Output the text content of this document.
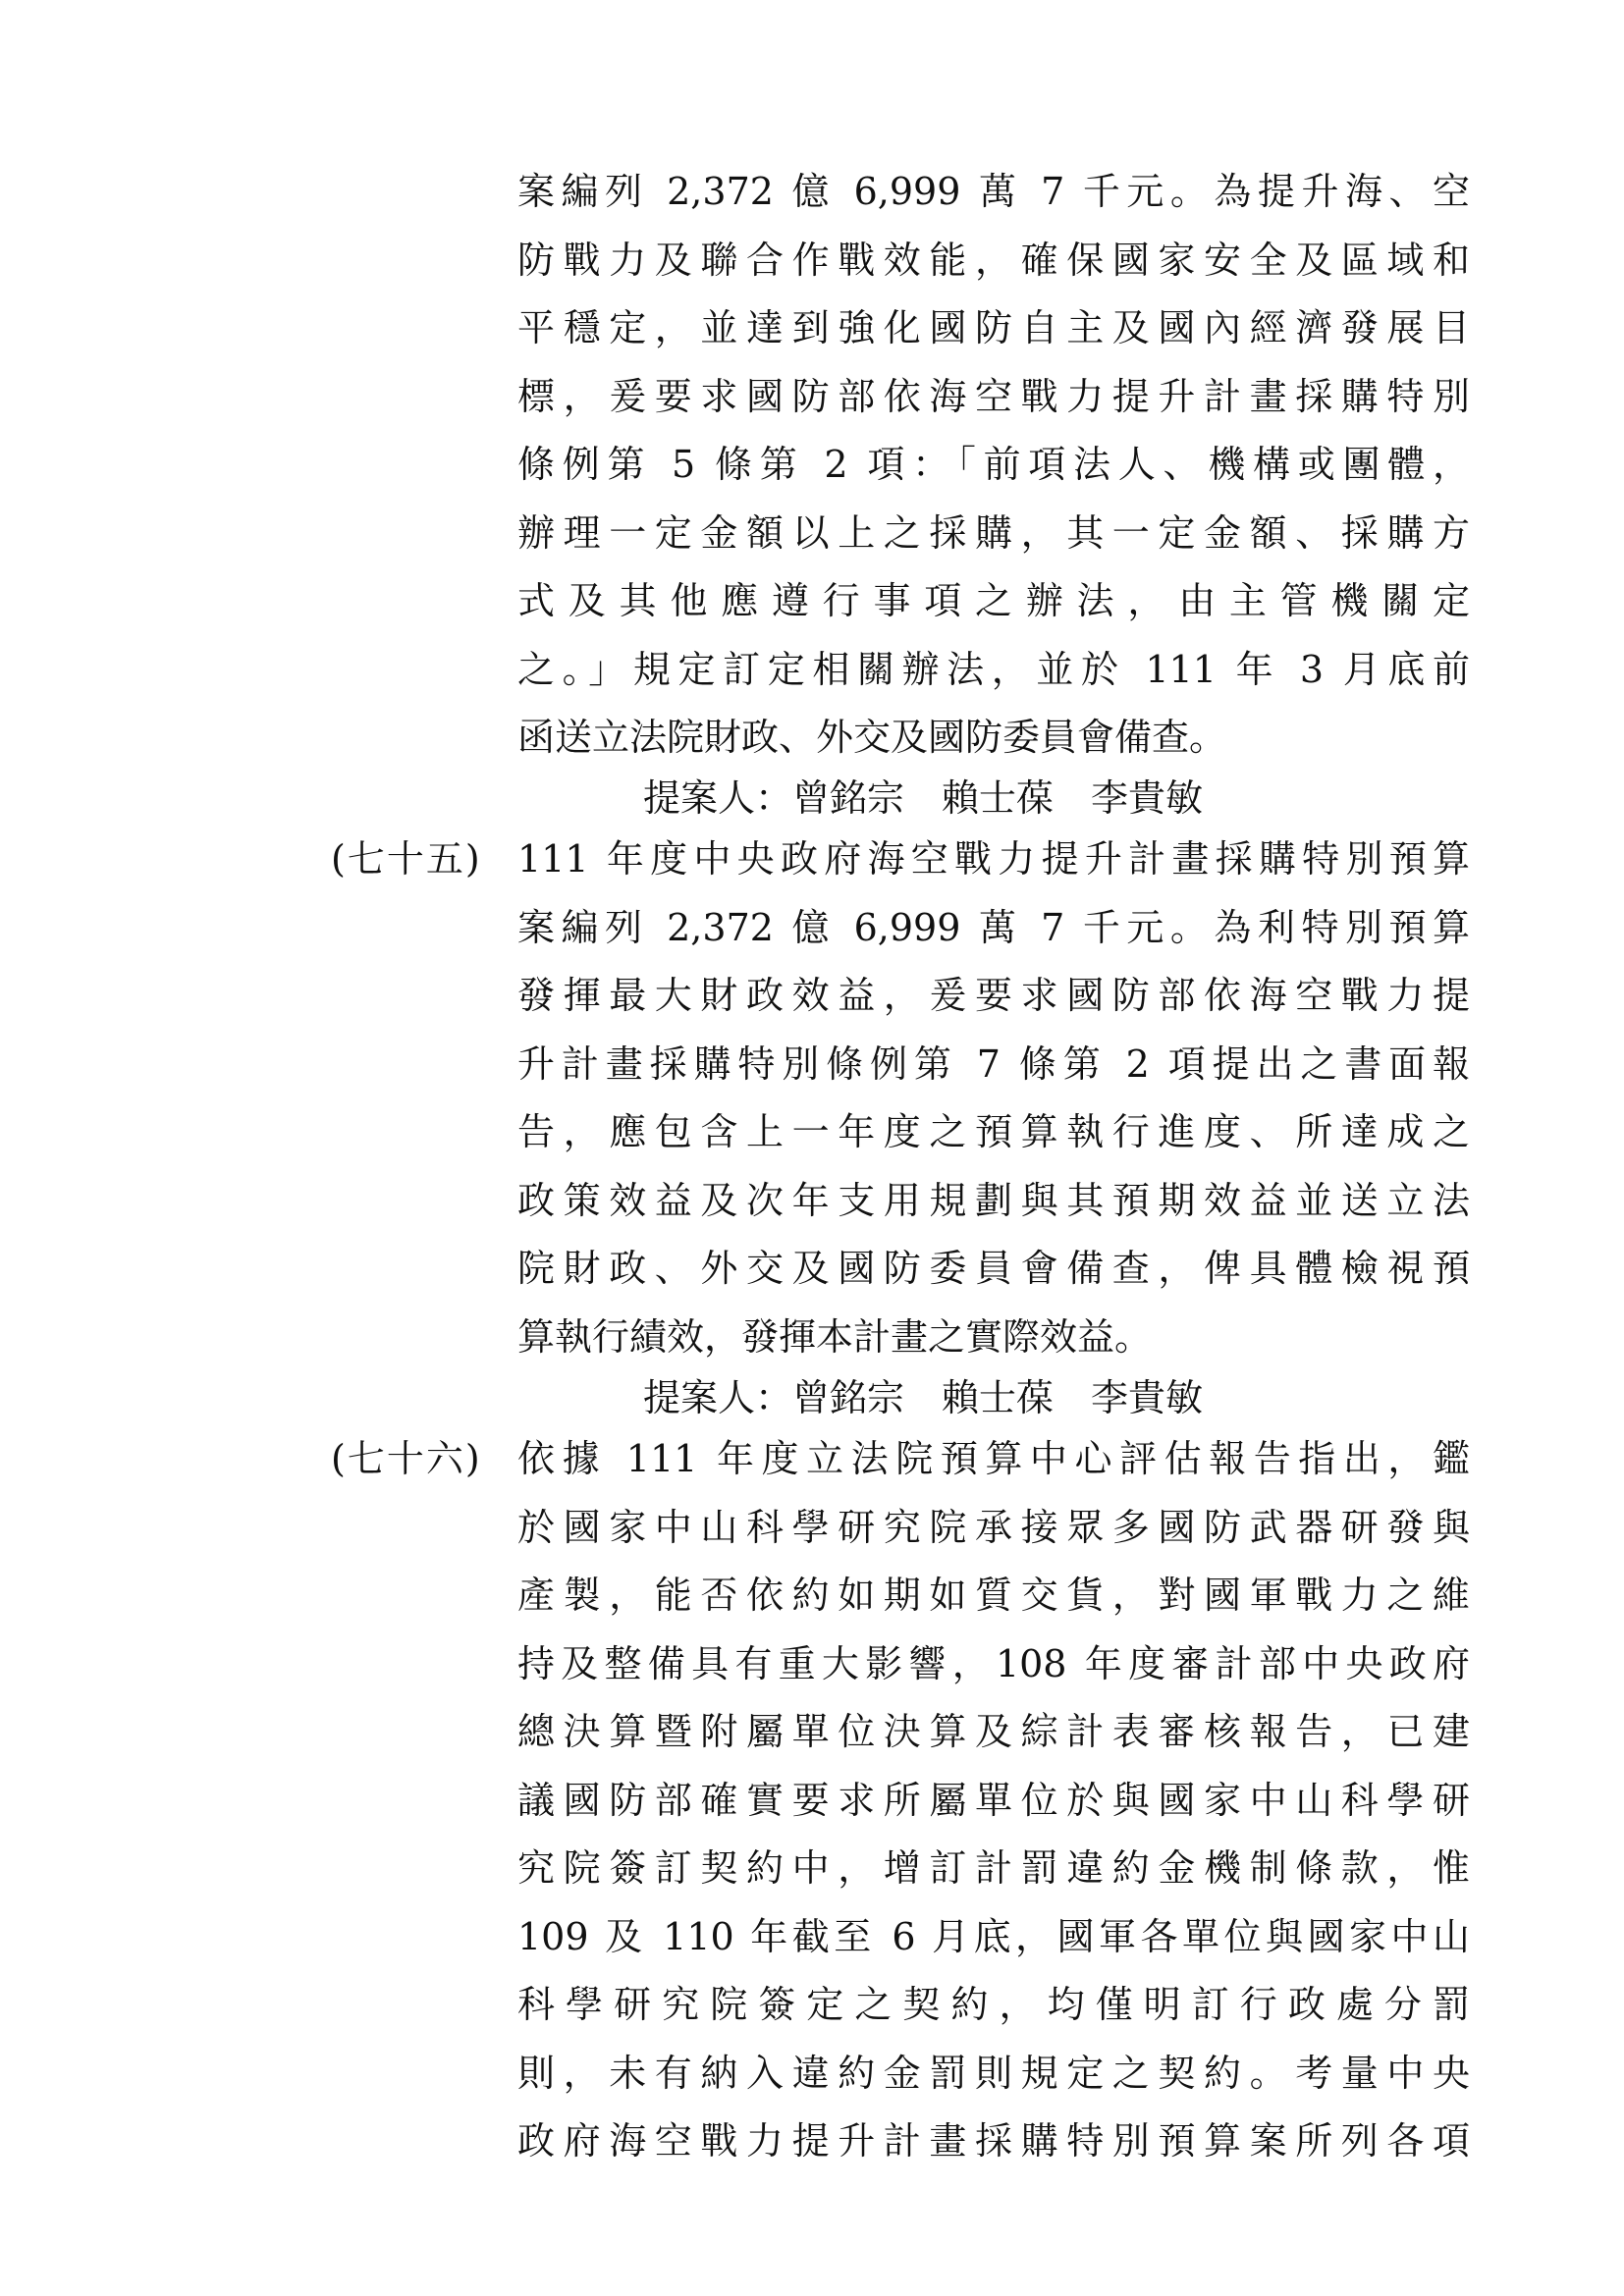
案編列 2,372 億 6,999 萬 7 千元。為提升海、空
防戰力及聯合作戰效能，確保國家安全及區域和
平穩定，並達到強化國防自主及國內經濟發展目
標，爰要求國防部依海空戰力提升計畫採購特別
條例第 5 條第 2 項：「前項法人、機構或團體，
辦理一定金額以上之採購，其一定金額、採購方
式及其他應遵行事項之辦法，由主管機關定
之。」規定訂定相關辦法，並於 111 年 3 月底前
函送立法院財政、外交及國防委員會備查。
提案人：曾銘宗　賴士葆　李貴敏
(七十五) 111 年度中央政府海空戰力提升計畫採購特別預算
案編列 2,372 億 6,999 萬 7 千元。為利特別預算
發揮最大財政效益，爰要求國防部依海空戰力提
升計畫採購特別條例第 7 條第 2 項提出之書面報
告，應包含上一年度之預算執行進度、所達成之
政策效益及次年支用規劃與其預期效益並送立法
院財政、外交及國防委員會備查，俾具體檢視預
算執行績效，發揮本計畫之實際效益。
提案人：曾銘宗　賴士葆　李貴敏
(七十六) 依據 111 年度立法院預算中心評估報告指出，鑑
於國家中山科學研究院承接眾多國防武器研發與
產製，能否依約如期如質交貨，對國軍戰力之維
持及整備具有重大影響，108 年度審計部中央政府
總決算暨附屬單位決算及綜計表審核報告，已建
議國防部確實要求所屬單位於與國家中山科學研
究院簽訂契約中，增訂計罰違約金機制條款，惟
109 及 110 年截至 6 月底，國軍各單位與國家中山
科學研究院簽定之契約，均僅明訂行政處分罰
則，未有納入違約金罰則規定之契約。考量中央
政府海空戰力提升計畫採購特別預算案所列各項
